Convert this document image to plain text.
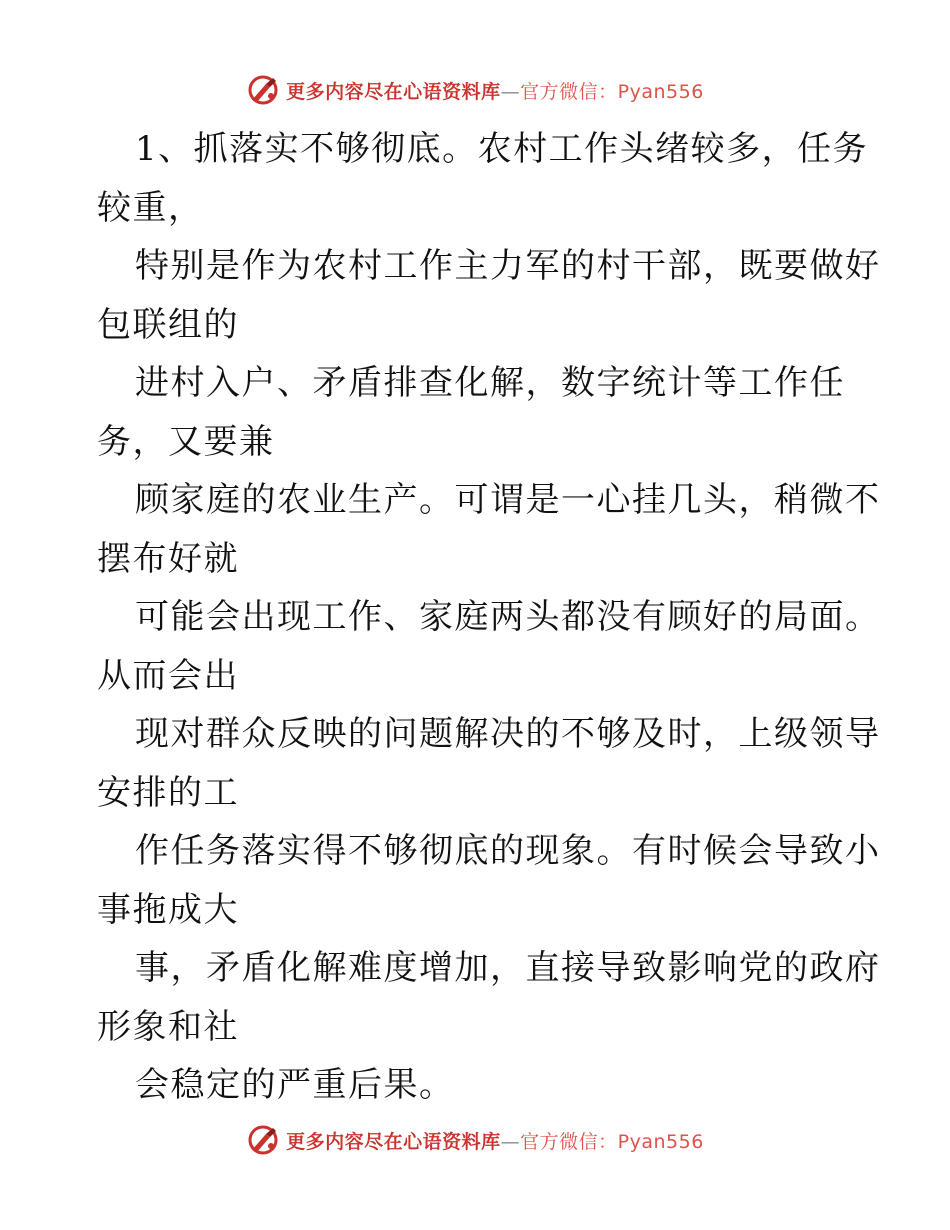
更多内容尽在心语资料库—官方微信：Pyan556
1、抓落实不够彻底。农村工作头绪较多，任务
较重，
特别是作为农村工作主力军的村干部，既要做好
包联组的
进村入户、矛盾排查化解，数字统计等工作任
务，又要兼
顾家庭的农业生产。可谓是一心挂几头，稍微不
摆布好就
可能会出现工作、家庭两头都没有顾好的局面。
从而会出
现对群众反映的问题解决的不够及时，上级领导
安排的工
作任务落实得不够彻底的现象。有时候会导致小
事拖成大
事，矛盾化解难度增加，直接导致影响党的政府
形象和社
会稳定的严重后果。
更多内容尽在心语资料库—官方微信：Pyan556
